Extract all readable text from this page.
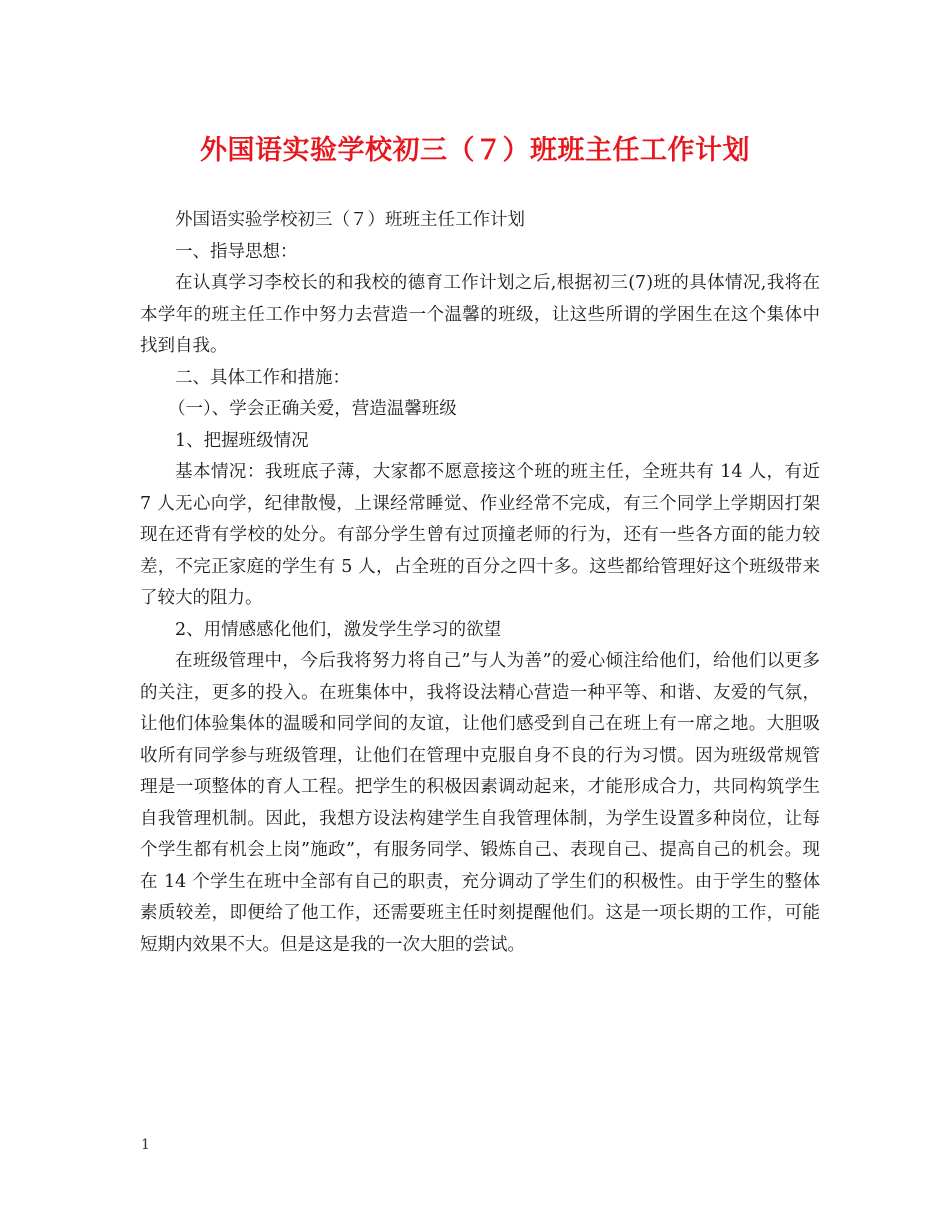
外国语实验学校初三（７）班班主任工作计划

外国语实验学校初三（７）班班主任工作计划

一、指导思想：

在认真学习李校长的和我校的德育工作计划之后,根据初三(7)班的具体情况,我将在本学年的班主任工作中努力去营造一个温馨的班级，让这些所谓的学困生在这个集体中找到自我。

二、具体工作和措施：

（一）、学会正确关爱，营造温馨班级

1、把握班级情况

基本情况：我班底子薄，大家都不愿意接这个班的班主任，全班共有 14 人，有近 7 人无心向学，纪律散慢，上课经常睡觉、作业经常不完成，有三个同学上学期因打架现在还背有学校的处分。有部分学生曾有过顶撞老师的行为，还有一些各方面的能力较差，不完正家庭的学生有 5 人，占全班的百分之四十多。这些都给管理好这个班级带来了较大的阻力。

2、用情感感化他们，激发学生学习的欲望

在班级管理中，今后我将努力将自己”与人为善”的爱心倾注给他们，给他们以更多的关注，更多的投入。在班集体中，我将设法精心营造一种平等、和谐、友爱的气氛，让他们体验集体的温暖和同学间的友谊，让他们感受到自己在班上有一席之地。大胆吸收所有同学参与班级管理，让他们在管理中克服自身不良的行为习惯。因为班级常规管理是一项整体的育人工程。把学生的积极因素调动起来，才能形成合力，共同构筑学生自我管理机制。因此，我想方设法构建学生自我管理体制，为学生设置多种岗位，让每个学生都有机会上岗”施政”，有服务同学、锻炼自己、表现自己、提高自己的机会。现在 14 个学生在班中全部有自己的职责，充分调动了学生们的积极性。由于学生的整体素质较差，即便给了他工作，还需要班主任时刻提醒他们。这是一项长期的工作，可能短期内效果不大。但是这是我的一次大胆的尝试。

1
